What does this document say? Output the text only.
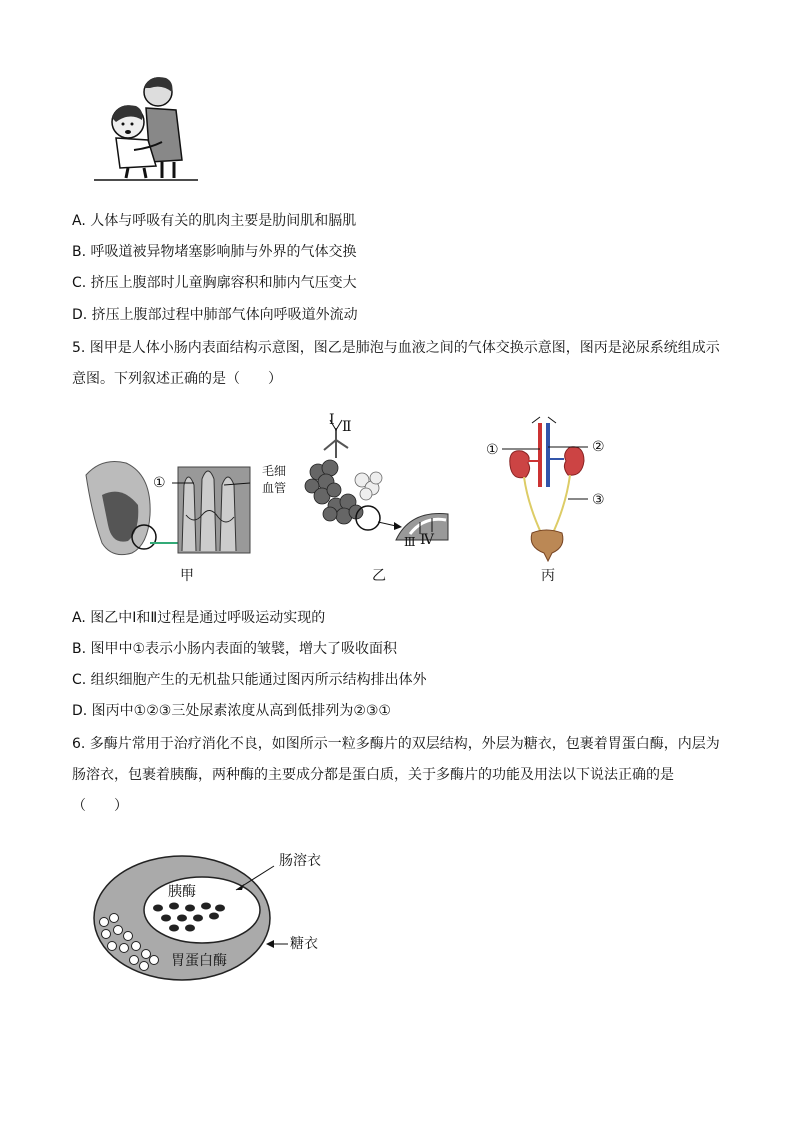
A. 人体与呼吸有关的肌肉主要是肋间肌和膈肌
B. 呼吸道被异物堵塞影响肺与外界的气体交换
C. 挤压上腹部时儿童胸廓容积和肺内气压变大
D. 挤压上腹部过程中肺部气体向呼吸道外流动
5. 图甲是人体小肠内表面结构示意图，图乙是肺泡与血液之间的气体交换示意图，图丙是泌尿系统组成示
意图。下列叙述正确的是（　　）
①
毛细
血管
甲
Ⅰ Ⅱ
Ⅲ Ⅳ
乙
①	②
③
丙
A. 图乙中Ⅰ和Ⅱ过程是通过呼吸运动实现的
B. 图甲中①表示小肠内表面的皱襞，增大了吸收面积
C. 组织细胞产生的无机盐只能通过图丙所示结构排出体外
D. 图丙中①②③三处尿素浓度从高到低排列为②③①
6. 多酶片常用于治疗消化不良，如图所示一粒多酶片的双层结构，外层为糖衣，包裹着胃蛋白酶，内层为
肠溶衣，包裹着胰酶，两种酶的主要成分都是蛋白质，关于多酶片的功能及用法以下说法正确的是
（　　）
肠溶衣
胰酶
糖衣
胃蛋白酶
